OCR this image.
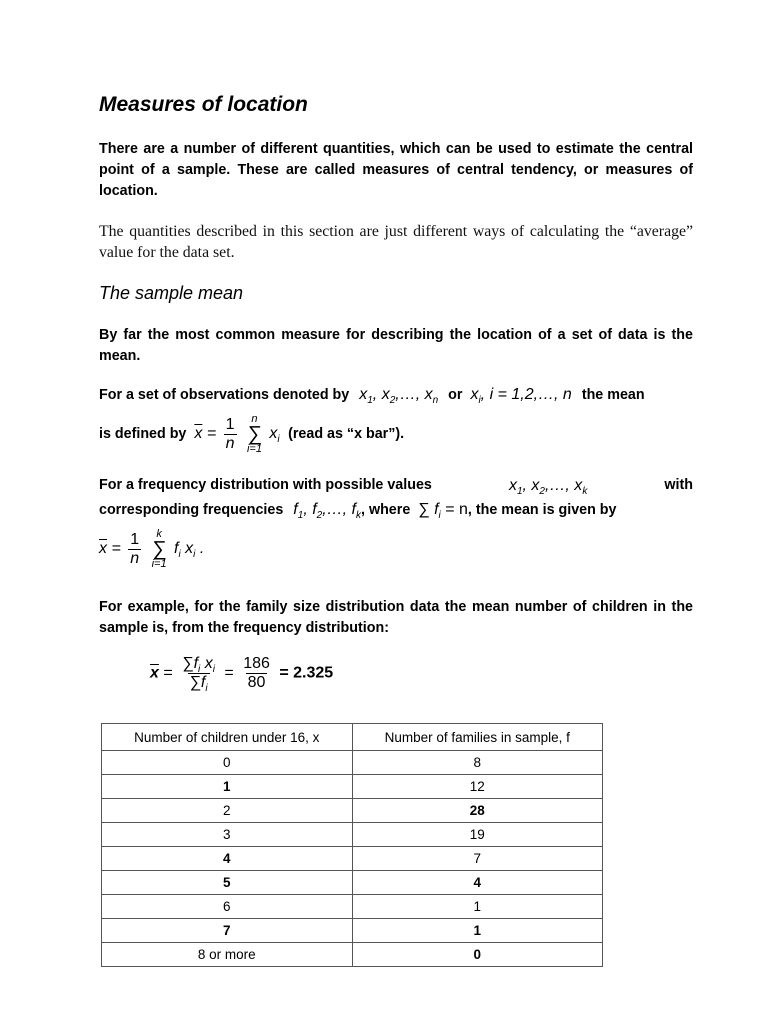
Measures of location
There are a number of different quantities, which can be used to estimate the central point of a sample. These are called measures of central tendency, or measures of location.
The quantities described in this section are just different ways of calculating the “average” value for the data set.
The sample mean
By far the most common measure for describing the location of a set of data is the mean.
For a set of observations denoted by $x_1$, $x_2,\dots$, $x_n$ or $x_i$, i = 1,2,…, n the mean
is defined by $\overline{x} = \frac{1}{n}$
n
∑
i=1
$x_i$ (read as “x bar”).
For a frequency distribution with possible values	$x_1$, $x_2,\dots$, $x_k$	with
corresponding frequencies $f_1$, $f_2,\dots$, $f_k$, where ∑ $f_i = n$, the mean is given by
$\overline{x} = \frac{1}{n}$
k
∑
i=1
$f_i$ $x_i$ .
For example, for the family size distribution data the mean number of children in the sample is, from the frequency distribution:
$\overline{x} = \frac{\sum f_i x_i}{\sum f_i} = \frac{186}{80} = 2.325$
Number of children under 16, x	Number of families in sample, f
0	8
1	12
2	28
3	19
4	7
5	4
6	1
7	1
8 or more	0
